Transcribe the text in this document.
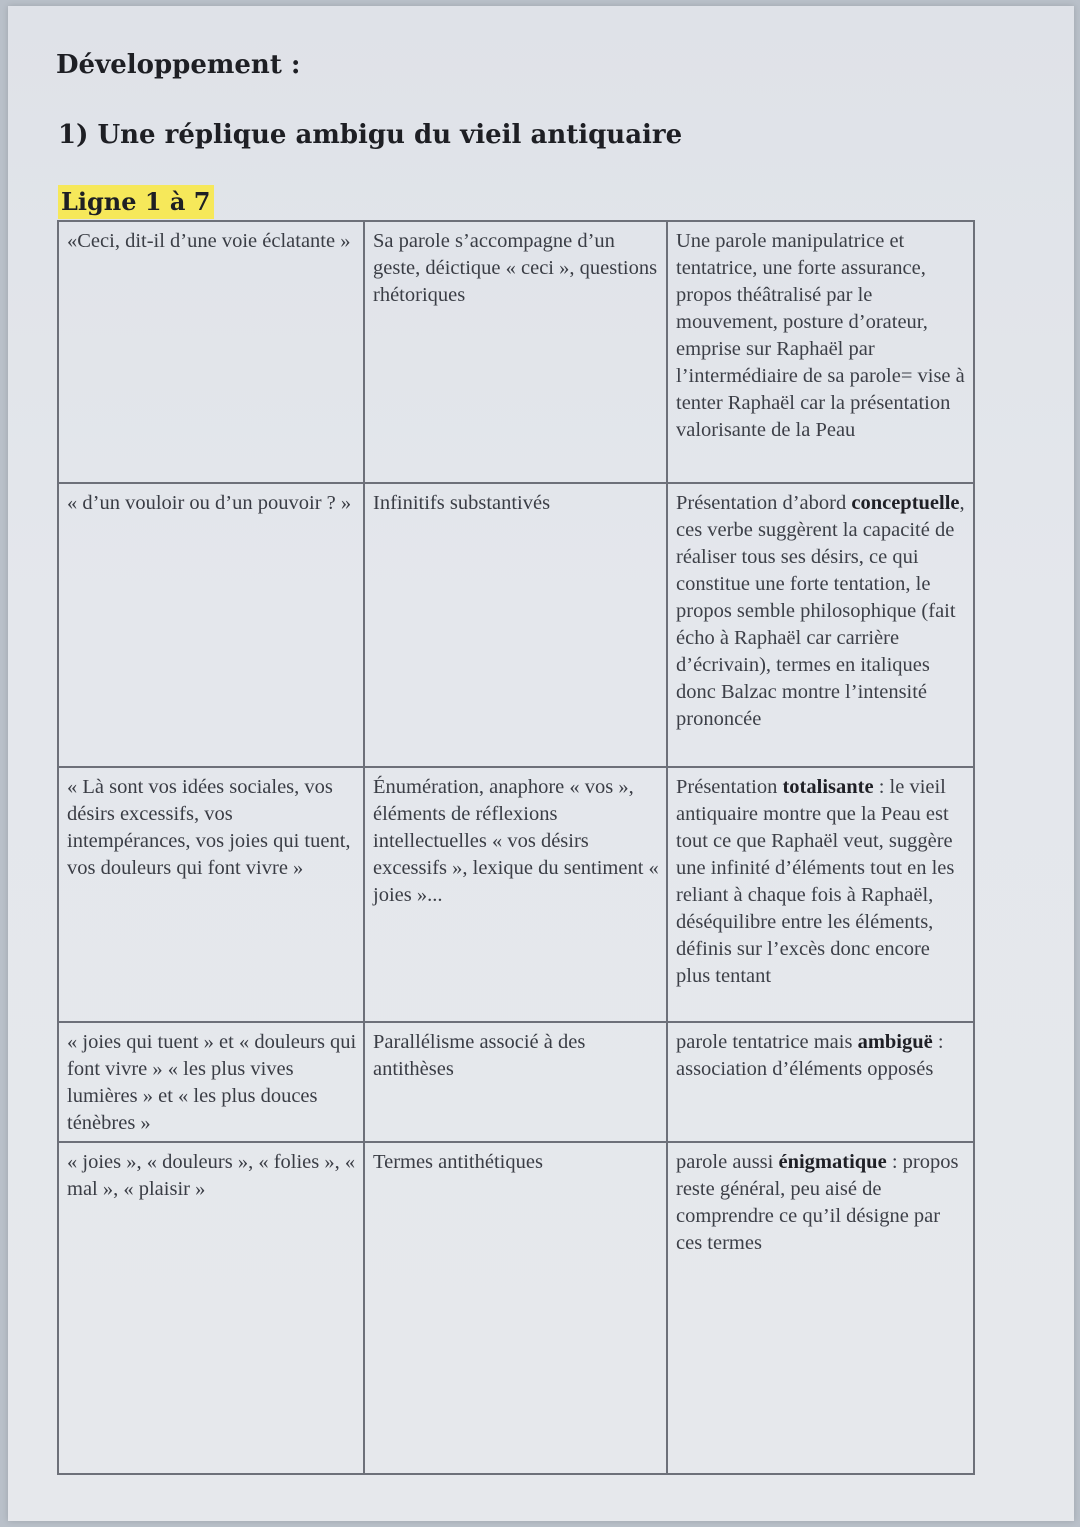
Développement :
1) Une réplique ambigu du vieil antiquaire
Ligne 1 à 7
«Ceci, dit-il d’une voie éclatante »	Sa parole s’accompagne d’un geste, déictique « ceci », questions rhétoriques	Une parole manipulatrice et tentatrice, une forte assurance, propos théâtralisé par le mouvement, posture d’orateur, emprise sur Raphaël par l’intermédiaire de sa parole= vise à tenter Raphaël car la présentation valorisante de la Peau
« d’un vouloir ou d’un pouvoir ? »	Infinitifs substantivés	Présentation d’abord conceptuelle, ces verbe suggèrent la capacité de réaliser tous ses désirs, ce qui constitue une forte tentation, le propos semble philosophique (fait écho à Raphaël car carrière d’écrivain), termes en italiques donc Balzac montre l’intensité prononcée
« Là sont vos idées sociales, vos désirs excessifs, vos intempérances, vos joies qui tuent, vos douleurs qui font vivre »	Énumération, anaphore « vos », éléments de réflexions intellectuelles « vos désirs excessifs », lexique du sentiment « joies »...	Présentation totalisante : le vieil antiquaire montre que la Peau est tout ce que Raphaël veut, suggère une infinité d’éléments tout en les reliant à chaque fois à Raphaël, déséquilibre entre les éléments, définis sur l’excès donc encore plus tentant
« joies qui tuent » et « douleurs qui font vivre » « les plus vives lumières » et « les plus douces ténèbres »	Parallélisme associé à des antithèses	parole tentatrice mais ambiguë : association d’éléments opposés
« joies », « douleurs », « folies », « mal », « plaisir »	Termes antithétiques	parole aussi énigmatique : propos reste général, peu aisé de comprendre ce qu’il désigne par ces termes
